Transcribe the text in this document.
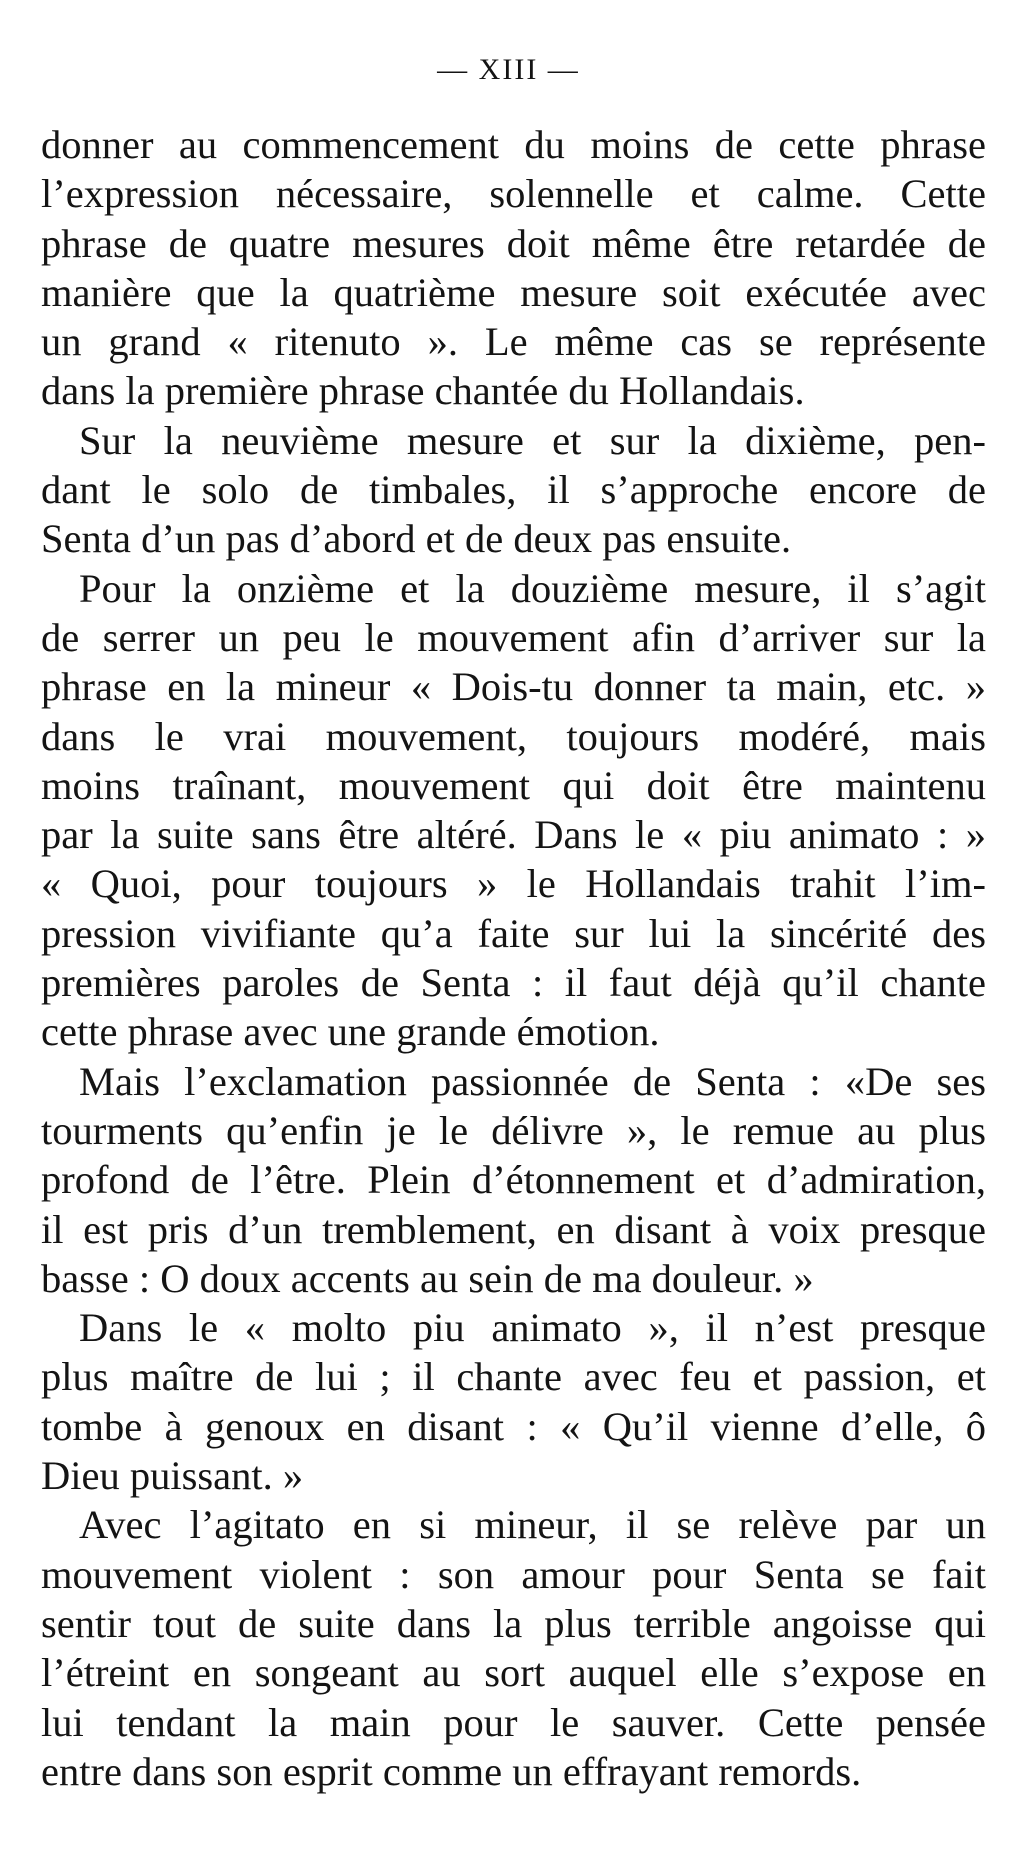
— XIII —
donner au commencement du moins de cette phrase
l’expression nécessaire, solennelle et calme. Cette
phrase de quatre mesures doit même être retardée de
manière que la quatrième mesure soit exécutée avec
un grand « ritenuto ». Le même cas se représente
dans la première phrase chantée du Hollandais.
Sur la neuvième mesure et sur la dixième, pen-
dant le solo de timbales, il s’approche encore de
Senta d’un pas d’abord et de deux pas ensuite.
Pour la onzième et la douzième mesure, il s’agit
de serrer un peu le mouvement afin d’arriver sur la
phrase en la mineur « Dois-tu donner ta main, etc. »
dans le vrai mouvement, toujours modéré, mais
moins traînant, mouvement qui doit être maintenu
par la suite sans être altéré. Dans le « piu animato : »
« Quoi, pour toujours » le Hollandais trahit l’im-
pression vivifiante qu’a faite sur lui la sincérité des
premières paroles de Senta : il faut déjà qu’il chante
cette phrase avec une grande émotion.
Mais l’exclamation passionnée de Senta : «De ses
tourments qu’enfin je le délivre », le remue au plus
profond de l’être. Plein d’étonnement et d’admiration,
il est pris d’un tremblement, en disant à voix presque
basse : O doux accents au sein de ma douleur. »
Dans le « molto piu animato », il n’est presque
plus maître de lui ; il chante avec feu et passion, et
tombe à genoux en disant : « Qu’il vienne d’elle, ô
Dieu puissant. »
Avec l’agitato en si mineur, il se relève par un
mouvement violent : son amour pour Senta se fait
sentir tout de suite dans la plus terrible angoisse qui
l’étreint en songeant au sort auquel elle s’expose en
lui tendant la main pour le sauver. Cette pensée
entre dans son esprit comme un effrayant remords.
